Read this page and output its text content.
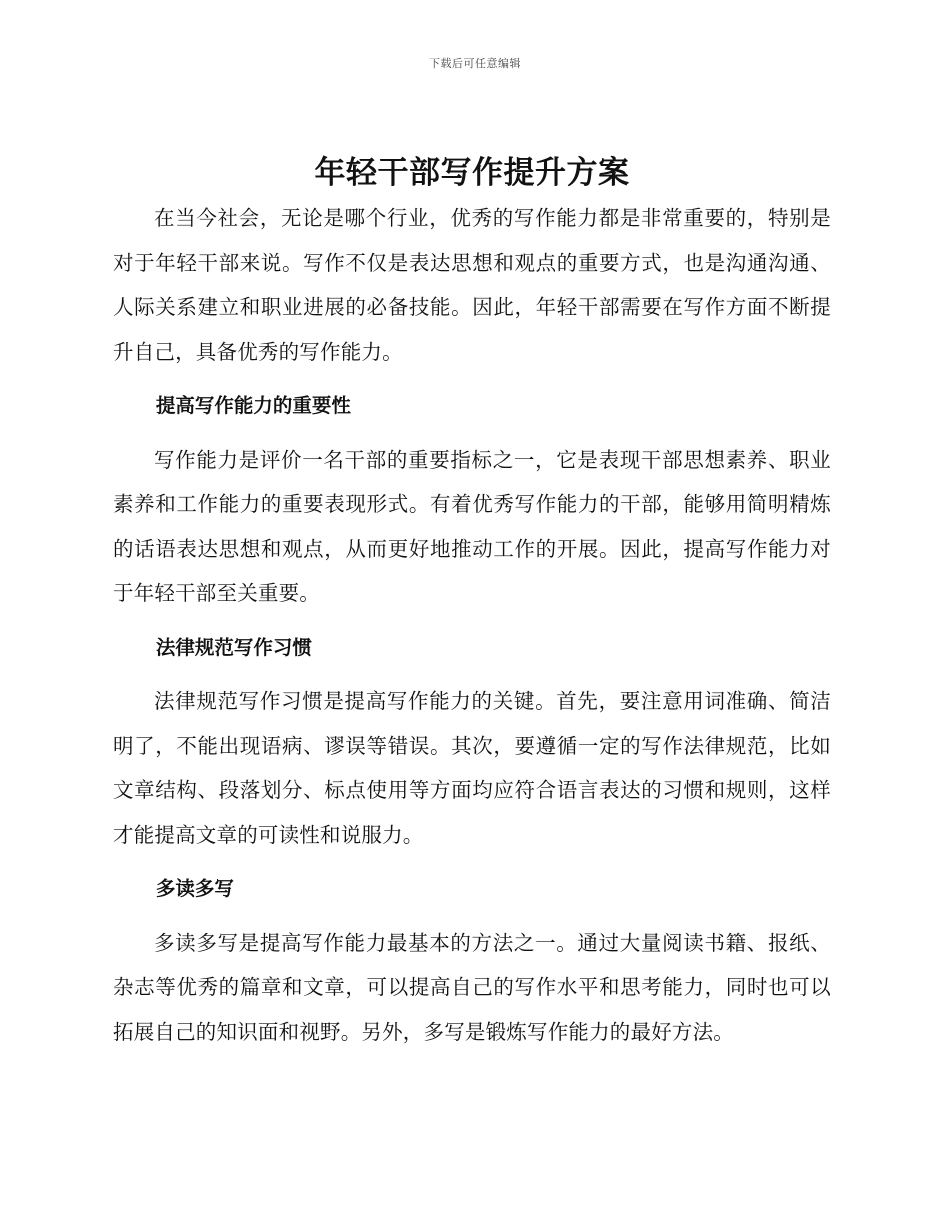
下载后可任意编辑
年轻干部写作提升方案

在当今社会，无论是哪个行业，优秀的写作能力都是非常重要的，特别是对于年轻干部来说。写作不仅是表达思想和观点的重要方式，也是沟通沟通、人际关系建立和职业进展的必备技能。因此，年轻干部需要在写作方面不断提升自己，具备优秀的写作能力。

提高写作能力的重要性

写作能力是评价一名干部的重要指标之一，它是表现干部思想素养、职业素养和工作能力的重要表现形式。有着优秀写作能力的干部，能够用简明精炼的话语表达思想和观点，从而更好地推动工作的开展。因此，提高写作能力对于年轻干部至关重要。

法律规范写作习惯

法律规范写作习惯是提高写作能力的关键。首先，要注意用词准确、简洁明了，不能出现语病、谬误等错误。其次，要遵循一定的写作法律规范，比如文章结构、段落划分、标点使用等方面均应符合语言表达的习惯和规则，这样才能提高文章的可读性和说服力。

多读多写

多读多写是提高写作能力最基本的方法之一。通过大量阅读书籍、报纸、杂志等优秀的篇章和文章，可以提高自己的写作水平和思考能力，同时也可以拓展自己的知识面和视野。另外，多写是锻炼写作能力的最好方法。
